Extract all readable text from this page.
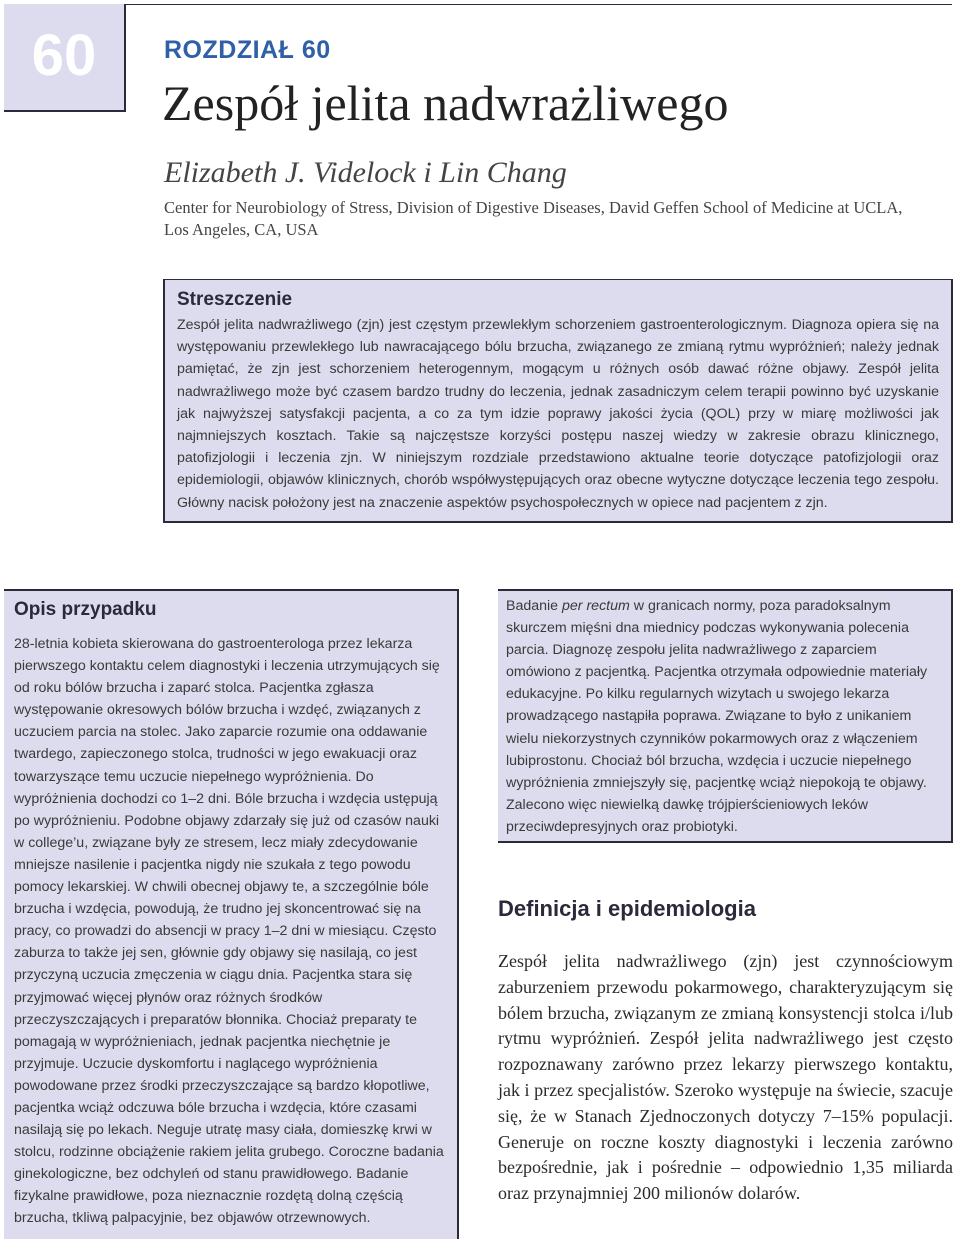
60	ROZDZIAŁ 60
Zespół jelita nadwrażliwego
Elizabeth J. Videlock i Lin Chang
Center for Neurobiology of Stress, Division of Digestive Diseases, David Geffen School of Medicine at UCLA, Los Angeles, CA, USA
Streszczenie

Zespół jelita nadwrażliwego (zjn) jest częstym przewlekłym schorzeniem gastroenterologicznym. Diagnoza opiera się na występowaniu przewlekłego lub nawracającego bólu brzucha, związanego ze zmianą rytmu wypróżnień; należy jednak pamiętać, że zjn jest schorzeniem heterogennym, mogącym u różnych osób dawać różne objawy. Zespół jelita nadwrażliwego może być czasem bardzo trudny do leczenia, jednak zasadniczym celem terapii powinno być uzyskanie jak najwyższej satysfakcji pacjenta, a co za tym idzie poprawy jakości życia (QOL) przy w miarę możliwości jak najmniejszych kosztach. Takie są najczęstsze korzyści postępu naszej wiedzy w zakresie obrazu klinicznego, patofizjologii i leczenia zjn. W niniejszym rozdziale przedstawiono aktualne teorie dotyczące patofizjologii oraz epidemiologii, objawów klinicznych, chorób współwystępujących oraz obecne wytyczne dotyczące leczenia tego zespołu. Główny nacisk położony jest na znaczenie aspektów psychospołecznych w opiece nad pacjentem z zjn.

Opis przypadku

28-letnia kobieta skierowana do gastroenterologa przez lekarza pierwszego kontaktu celem diagnostyki i leczenia utrzymujących się od roku bólów brzucha i zaparć stolca. Pacjentka zgłasza występowanie okresowych bólów brzucha i wzdęć, związanych z uczuciem parcia na stolec. Jako zaparcie rozumie ona oddawanie twardego, zapieczonego stolca, trudności w jego ewakuacji oraz towarzyszące temu uczucie niepełnego wypróżnienia. Do wypróżnienia dochodzi co 1–2 dni. Bóle brzucha i wzdęcia ustępują po wypróżnieniu. Podobne objawy zdarzały się już od czasów nauki w college’u, związane były ze stresem, lecz miały zdecydowanie mniejsze nasilenie i pacjentka nigdy nie szukała z tego powodu pomocy lekarskiej. W chwili obecnej objawy te, a szczególnie bóle brzucha i wzdęcia, powodują, że trudno jej skoncentrować się na pracy, co prowadzi do absencji w pracy 1–2 dni w miesiącu. Często zaburza to także jej sen, głównie gdy objawy się nasilają, co jest przyczyną uczucia zmęczenia w ciągu dnia. Pacjentka stara się przyjmować więcej płynów oraz różnych środków przeczyszczających i preparatów błonnika. Chociaż preparaty te pomagają w wypróżnieniach, jednak pacjentka niechętnie je przyjmuje. Uczucie dyskomfortu i naglącego wypróżnienia powodowane przez środki przeczyszczające są bardzo kłopotliwe, pacjentka wciąż odczuwa bóle brzucha i wzdęcia, które czasami nasilają się po lekach. Neguje utratę masy ciała, domieszkę krwi w stolcu, rodzinne obciążenie rakiem jelita grubego. Coroczne badania ginekologiczne, bez odchyleń od stanu prawidłowego. Badanie fizykalne prawidłowe, poza nieznacznie rozdętą dolną częścią brzucha, tkliwą palpacyjnie, bez objawów otrzewnowych.

Badanie per rectum w granicach normy, poza paradoksalnym skurczem mięśni dna miednicy podczas wykonywania polecenia parcia. Diagnozę zespołu jelita nadwrażliwego z zaparciem omówiono z pacjentką. Pacjentka otrzymała odpowiednie materiały edukacyjne. Po kilku regularnych wizytach u swojego lekarza prowadzącego nastąpiła poprawa. Związane to było z unikaniem wielu niekorzystnych czynników pokarmowych oraz z włączeniem lubiprostonu. Chociaż ból brzucha, wzdęcia i uczucie niepełnego wypróżnienia zmniejszyły się, pacjentkę wciąż niepokoją te objawy. Zalecono więc niewielką dawkę trójpierścieniowych leków przeciwdepresyjnych oraz probiotyki.

Definicja i epidemiologia

Zespół jelita nadwrażliwego (zjn) jest czynnościowym zaburzeniem przewodu pokarmowego, charakteryzującym się bólem brzucha, związanym ze zmianą konsystencji stolca i/lub rytmu wypróżnień. Zespół jelita nadwrażliwego jest często rozpoznawany zarówno przez lekarzy pierwszego kontaktu, jak i przez specjalistów. Szeroko występuje na świecie, szacuje się, że w Stanach Zjednoczonych dotyczy 7–15% populacji. Generuje on roczne koszty diagnostyki i leczenia zarówno bezpośrednie, jak i pośrednie – odpowiednio 1,35 miliarda oraz przynajmniej 200 milionów dolarów.
